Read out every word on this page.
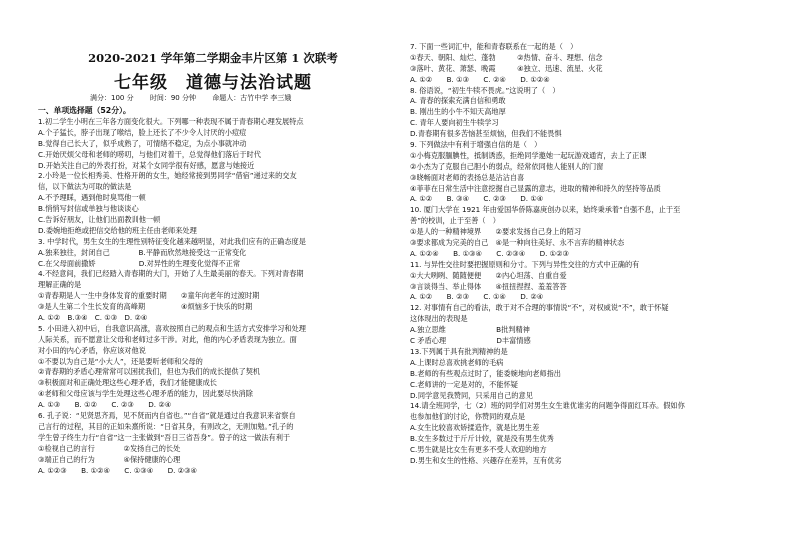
2020-2021 学年第二学期金丰片区第 1 次联考
七年级　道德与法治试题
满分：100 分 时间：90 分钟 命题人：古竹中学 李三娥
一、单项选择题（52分）。
1.初二学生小明在三年各方面变化很大。下列哪一种表现不属于青春期心理发展特点
A.个子猛长，脖子出现了喉结，脸上还长了不少令人讨厌的小痘痘
B.觉得自己长大了，似乎成熟了，可情绪不稳定，为点小事就冲动
C.开始厌烦父母和老师的唠叨，与他们对着干，总觉得他们落后于时代
D.开始关注自己的外表打扮，对某个女同学很有好感，愿意与她接近
2.小玲是一位长相秀美、性格开朗的女生，她经常接到男同学“借宿”递过来的交友
信，以下做法为可取的做法是
A.不予理睬，遇到他时臭骂他一顿
B.悄悄写封信或单独与他谈谈心
C.告诉好朋友，让他们出面教训他一顿
D.委婉地拒绝或把信交给他的班主任由老师来处理
3. 中学时代，男生女生的生理性别特征变化越来越明显，对此我们应有的正确态度是
A.独来独往，封闭自己　　　　B.平静而欣然地接受这一正常变化
C.在父母面前撒娇　　　　　　D.对异性的生理变化觉得不正常
4.不经意间，我们已经踏入青春期的大门，开始了人生最美丽的春天。下列对青春期
理解正确的是
①青春期是人一生中身体发育的重要时期　　②童年向老年的过渡时期
③是人生第二个生长发育的高峰期　　　　　④烦恼多于快乐的时期
A. ①②　B.③④　C. ①③　D. ②④
5. 小田进入初中后，自我意识高涨，喜欢按照自己的观点和生活方式安排学习和处理
人际关系，而不愿意让父母和老师过多干涉。对此，他的内心矛盾表现为独立。面
对小田的内心矛盾，你应该对他说
①不要以为自己是“小大人”，还是要听老师和父母的
②青春期的矛盾心理常常可以困扰我们，但也为我们的成长提供了契机
③积极面对和正确处理这些心理矛盾，我们才能健康成长
④老师和父母应该与学生处理这些心理矛盾的能力，因此要尽快消除
A. ①③　　B. ①②　　C. ②③　　D. ②④
6. 孔子说：“见贤思齐焉，见不贤而内自省也。”“自省”就是通过自我意识来省察自
己言行的过程，其目的正如朱熹所说：“日省其身，有则改之，无则加勉。”孔子的
学生曾子终生力行“自省”这一主张做到“吾日三省吾身”。曾子的这一做法有利于
①检视自己的言行　　　　②发扬自己的长处
③端正自己的行为　　　　④保持健康的心理
A. ①②③　　B. ①②④　　C. ①③④　　D. ②③④
7. 下面一些词汇中，能和青春联系在一起的是（　）
①春天、朝阳、灿烂、蓬勃　　　②热情、奋斗、理想、信念
③落叶、黄花、萧瑟、晚霞　　　④独立、迅速、流星、火花
A. ①②　　B. ①③　　C. ②④　　D. ①②④
8. 俗语说，“初生牛犊不畏虎。”这说明了（　）
A. 青春的探索充满自信和勇敢
B. 刚出生的小牛不知天高地厚
C. 青年人要向初生牛犊学习
D.青春期有很多苦恼甚至烦恼，但我们不能畏惧
9. 下列做法中有利于增强自信的是（　）
①小梅克服腼腆性，抵制诱惑，拒绝同学邀她一起玩游戏通宵，去上了正课
②小杰为了克服自己胆小的弱点，经常依同他人能别人的门窗
③晓畅面对老师的表扬总是沾沾自喜
④菲菲在日常生活中注意挖掘自己显露的意志，进取的精神和持久的坚持等品质
A. ①②　　B. ③④　　C. ②③　　D. ①④
10. 厦门大学在 1921 年由爱国华侨陈嘉庚创办以来，始终秉承着“自强不息，止于至
善”的校训，止于至善（　）
①是人的一种精神境界　　②要求发扬自己身上的陌习
③要求都成为完美的自己　④是一种向往美好、永不言弃的精神状态
A. ①②④　　B. ①③④　　C. ②③④　　D. ①②③
11. 与异性交往时要把握原则和分寸。下列与异性交往的方式中正确的有
①大大咧咧、随随便便　　②内心坦荡、自重自爱
③言谈得当、举止得体　　④扭扭捏捏、羞羞答答
A. ①②　　B. ②③　　C. ①④　　D. ②④
12. 对事情有自己的看法，敢于对不合理的事情说“不”，对权威说“不”，敢于怀疑
这体现出的表现是
A.独立思维　　　　　　　B批判精神
C 矛盾心理　　　　　　　D丰富情感
13.下列属于具有批判精神的是
A.上课时总喜欢挑老师的毛病
B.老师的有些观点过时了，能委婉地向老师指出
C.老师讲的一定是对的，不能怀疑
D.同学意见我赞同，只采用自己的意见
14.请全班同学，七（2）班的同学们对男生女生谁优谁劣的问题争得面红耳赤。假如你
也参加他们的讨论，你赞同的观点是
A.女生比较喜欢矫揉造作，就是比男生差
B.女生多数过于斤斤计较，就是没有男生优秀
C.男生就是比女生有更多不受人欢迎的地方
D.男生和女生的性格、兴趣存在差异，互有优劣
